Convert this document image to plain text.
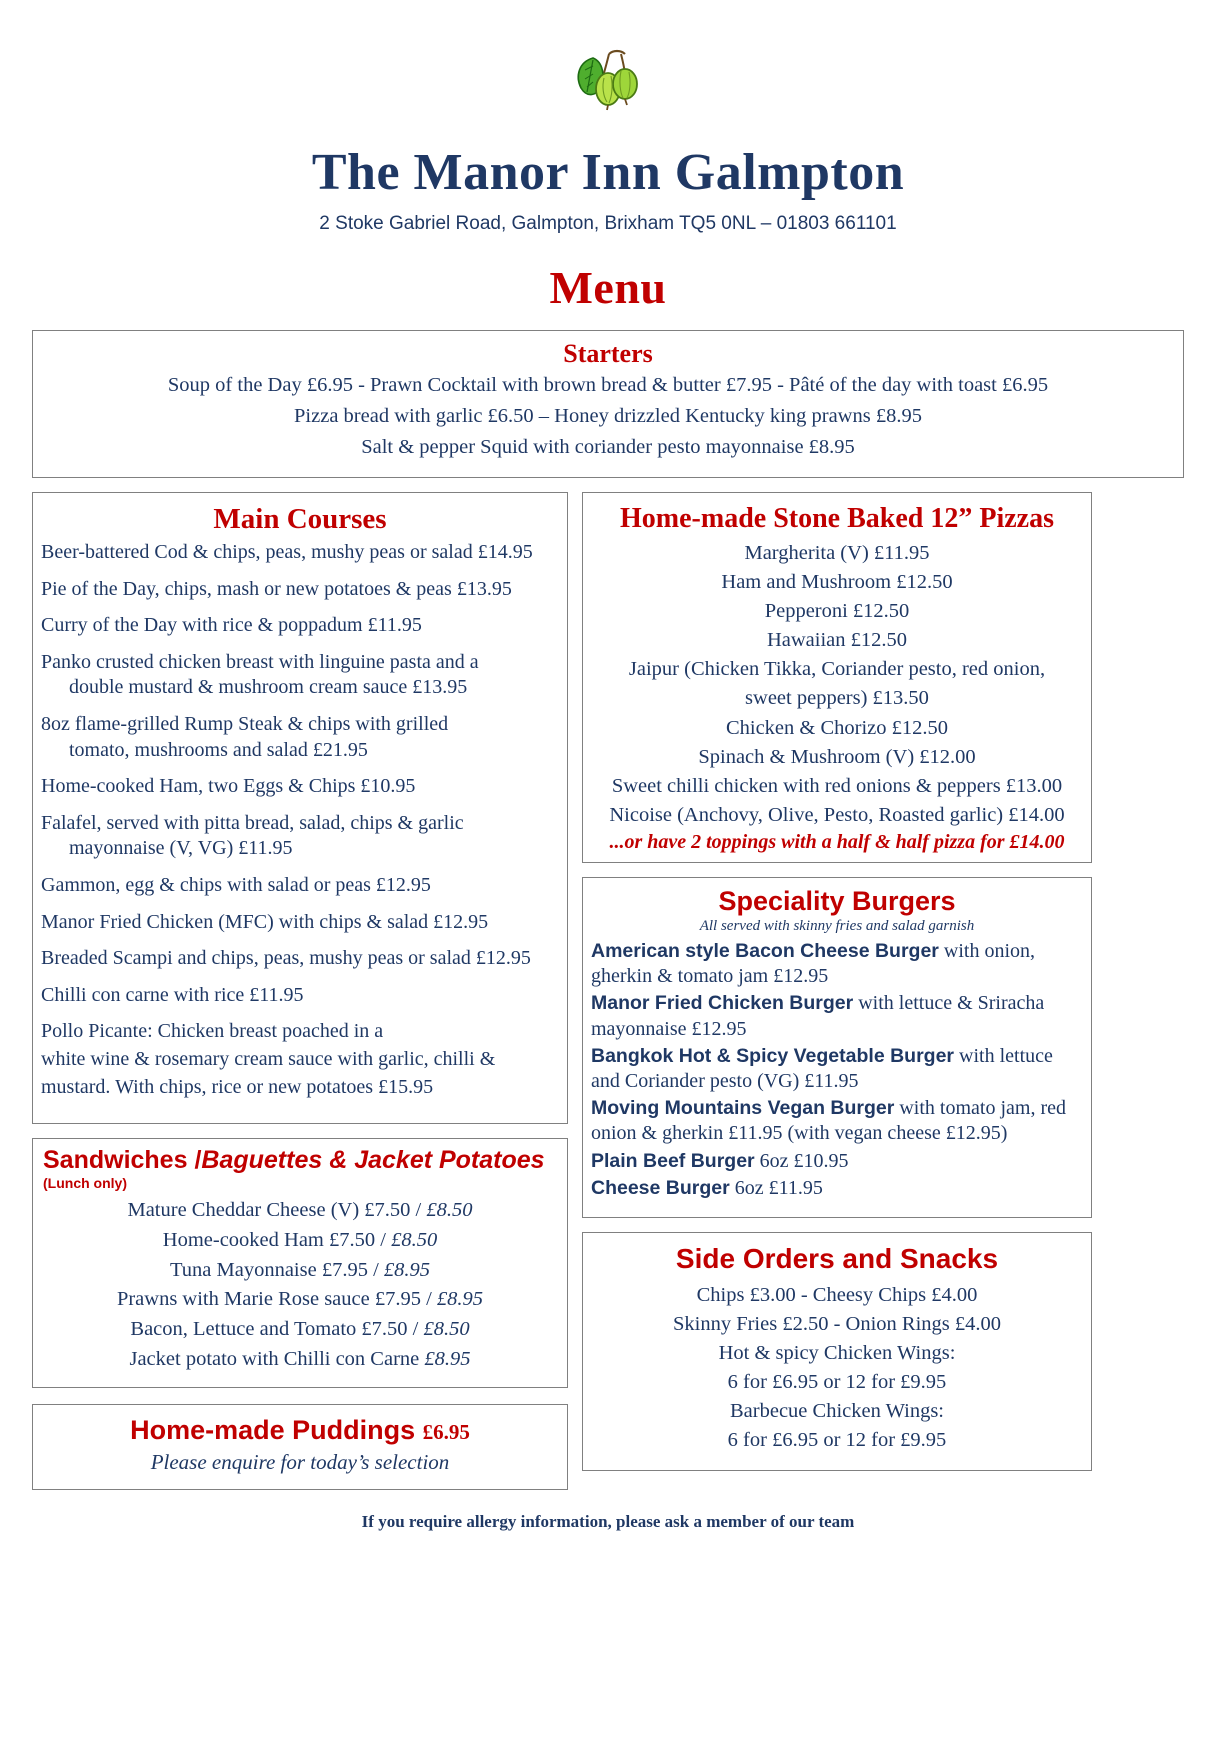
The Manor Inn Galmpton
2 Stoke Gabriel Road, Galmpton, Brixham TQ5 0NL – 01803 661101
Menu
Starters
Soup of the Day £6.95 - Prawn Cocktail with brown bread & butter £7.95 - Pâté of the day with toast £6.95
Pizza bread with garlic £6.50 – Honey drizzled Kentucky king prawns £8.95
Salt & pepper Squid with coriander pesto mayonnaise £8.95
Main Courses
Beer-battered Cod & chips, peas, mushy peas or salad £14.95
Pie of the Day, chips, mash or new potatoes & peas £13.95
Curry of the Day with rice & poppadum £11.95
Panko crusted chicken breast with linguine pasta and a
double mustard & mushroom cream sauce £13.95
8oz flame-grilled Rump Steak & chips with grilled
tomato, mushrooms and salad £21.95
Home-cooked Ham, two Eggs & Chips £10.95
Falafel, served with pitta bread, salad, chips & garlic
mayonnaise (V, VG) £11.95
Gammon, egg & chips with salad or peas £12.95
Manor Fried Chicken (MFC) with chips & salad £12.95
Breaded Scampi and chips, peas, mushy peas or salad £12.95
Chilli con carne with rice £11.95
Pollo Picante: Chicken breast poached in a
white wine & rosemary cream sauce with garlic, chilli &
mustard. With chips, rice or new potatoes £15.95
Sandwiches /Baguettes & Jacket Potatoes (Lunch only)
Mature Cheddar Cheese (V) £7.50 / £8.50
Home-cooked Ham £7.50 / £8.50
Tuna Mayonnaise £7.95 / £8.95
Prawns with Marie Rose sauce £7.95 / £8.95
Bacon, Lettuce and Tomato £7.50 / £8.50
Jacket potato with Chilli con Carne £8.95
Home-made Puddings £6.95
Please enquire for today’s selection
Home-made Stone Baked 12” Pizzas
Margherita (V) £11.95
Ham and Mushroom £12.50
Pepperoni £12.50
Hawaiian £12.50
Jaipur (Chicken Tikka, Coriander pesto, red onion,
sweet peppers) £13.50
Chicken & Chorizo £12.50
Spinach & Mushroom (V) £12.00
Sweet chilli chicken with red onions & peppers £13.00
Nicoise (Anchovy, Olive, Pesto, Roasted garlic) £14.00
...or have 2 toppings with a half & half pizza for £14.00
Speciality Burgers
All served with skinny fries and salad garnish
American style Bacon Cheese Burger with onion, gherkin & tomato jam £12.95
Manor Fried Chicken Burger with lettuce & Sriracha mayonnaise £12.95
Bangkok Hot & Spicy Vegetable Burger with lettuce and Coriander pesto (VG) £11.95
Moving Mountains Vegan Burger with tomato jam, red onion & gherkin £11.95 (with vegan cheese £12.95)
Plain Beef Burger 6oz £10.95
Cheese Burger 6oz £11.95
Side Orders and Snacks
Chips £3.00 - Cheesy Chips £4.00
Skinny Fries £2.50 - Onion Rings £4.00
Hot & spicy Chicken Wings:
6 for £6.95 or 12 for £9.95
Barbecue Chicken Wings:
6 for £6.95 or 12 for £9.95
If you require allergy information, please ask a member of our team
